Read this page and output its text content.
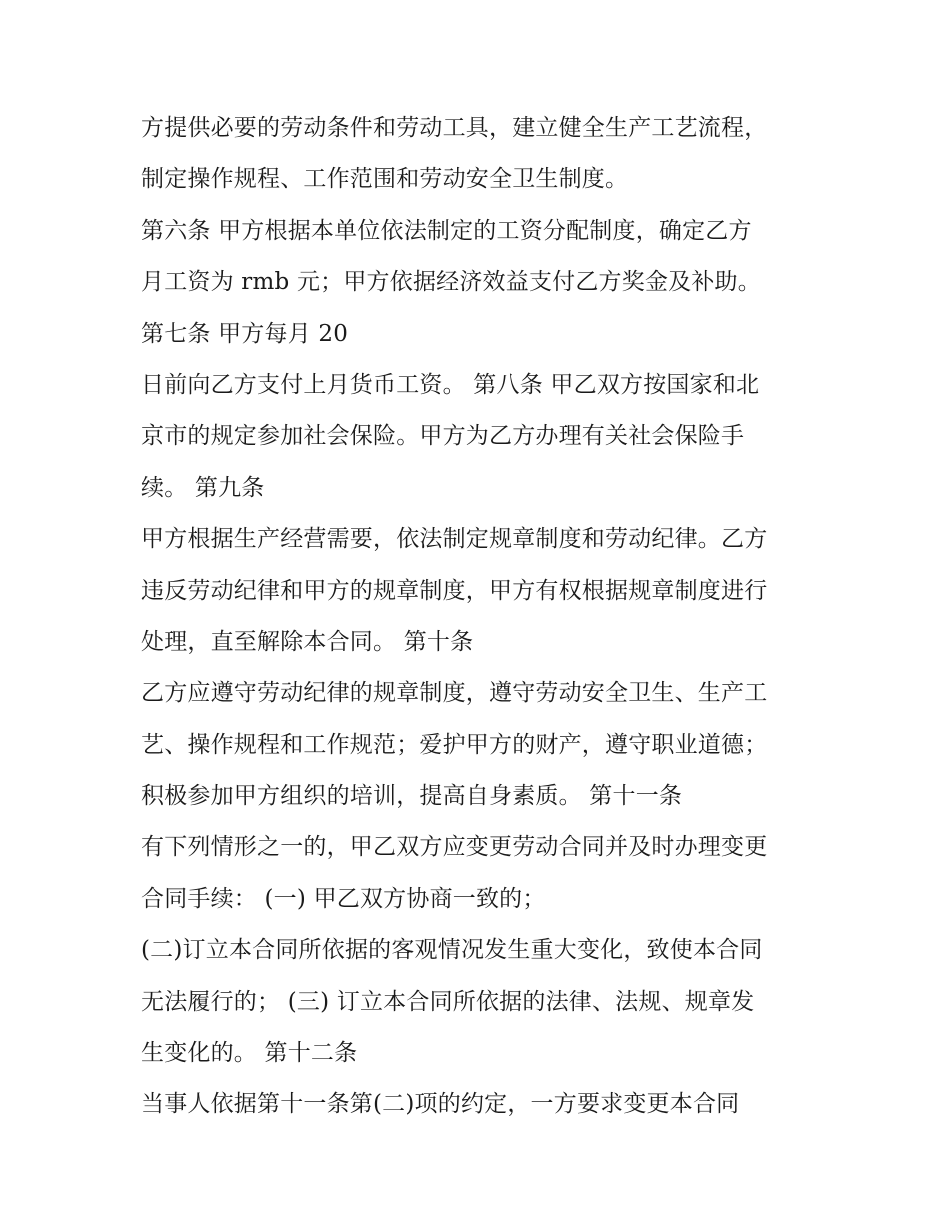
方提供必要的劳动条件和劳动工具，建立健全生产工艺流程，
制定操作规程、工作范围和劳动安全卫生制度。
第六条 甲方根据本单位依法制定的工资分配制度，确定乙方
月工资为 rmb 元；甲方依据经济效益支付乙方奖金及补助。
第七条 甲方每月 20
日前向乙方支付上月货币工资。 第八条 甲乙双方按国家和北
京市的规定参加社会保险。甲方为乙方办理有关社会保险手
续。 第九条
甲方根据生产经营需要，依法制定规章制度和劳动纪律。乙方
违反劳动纪律和甲方的规章制度，甲方有权根据规章制度进行
处理，直至解除本合同。 第十条
乙方应遵守劳动纪律的规章制度，遵守劳动安全卫生、生产工
艺、操作规程和工作规范；爱护甲方的财产，遵守职业道德；
积极参加甲方组织的培训，提高自身素质。 第十一条
有下列情形之一的，甲乙双方应变更劳动合同并及时办理变更
合同手续： (一) 甲乙双方协商一致的；
(二)订立本合同所依据的客观情况发生重大变化，致使本合同
无法履行的； (三) 订立本合同所依据的法律、法规、规章发
生变化的。 第十二条
当事人依据第十一条第(二)项的约定，一方要求变更本合同
